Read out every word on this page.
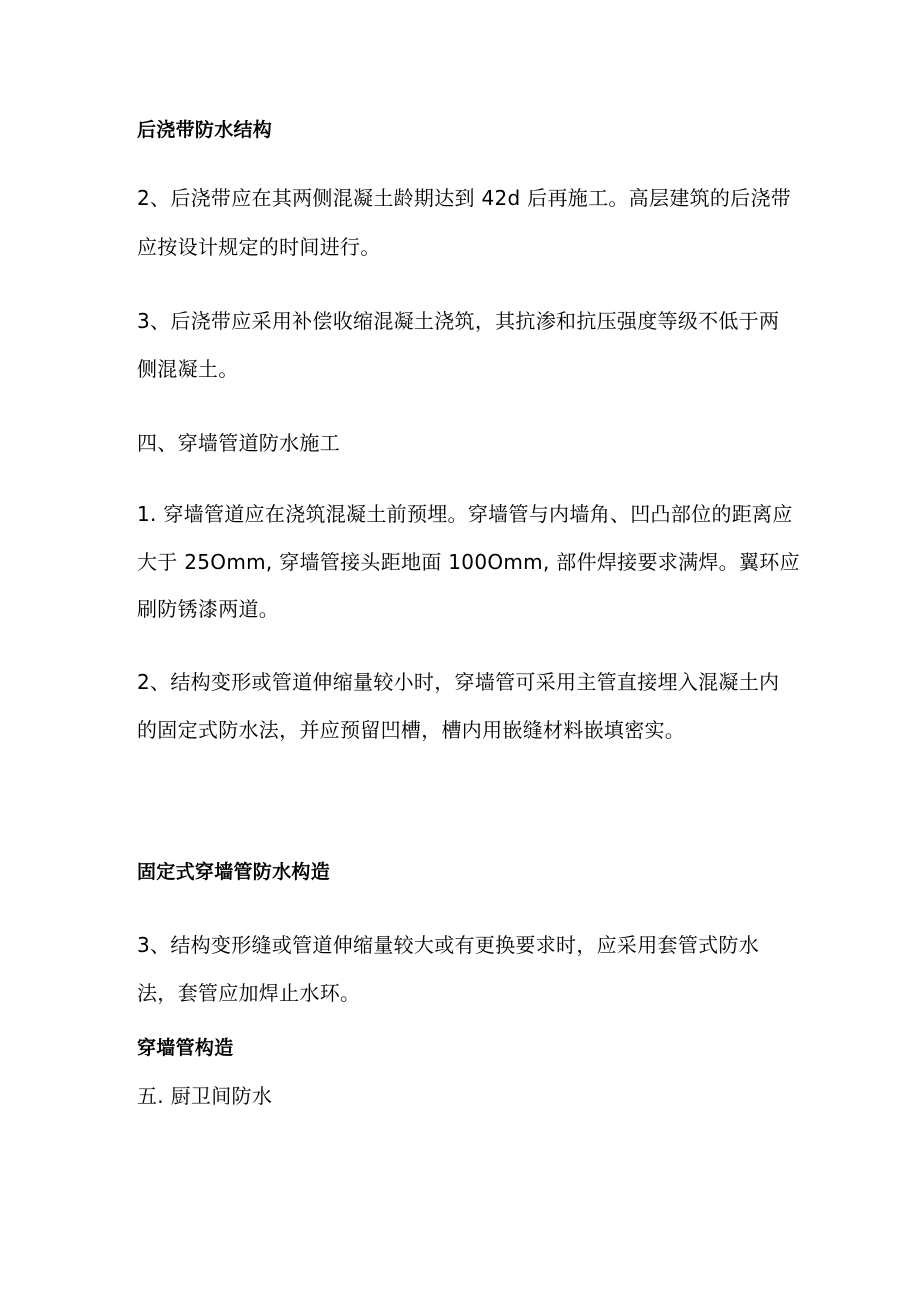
后浇带防水结构
2、后浇带应在其两侧混凝土龄期达到 42d 后再施工。高层建筑的后浇带
应按设计规定的时间进行。
3、后浇带应采用补偿收缩混凝土浇筑，其抗渗和抗压强度等级不低于两
侧混凝土。
四、穿墙管道防水施工
1. 穿墙管道应在浇筑混凝土前预埋。穿墙管与内墙角、凹凸部位的距离应
大于 25Omm, 穿墙管接头距地面 100Omm, 部件焊接要求满焊。翼环应
刷防锈漆两道。
2、结构变形或管道伸缩量较小时，穿墙管可采用主管直接埋入混凝土内
的固定式防水法，并应预留凹槽，槽内用嵌缝材料嵌填密实。
固定式穿墙管防水构造
3、结构变形缝或管道伸缩量较大或有更换要求时，应采用套管式防水
法，套管应加焊止水环。
穿墙管构造
五. 厨卫间防水
